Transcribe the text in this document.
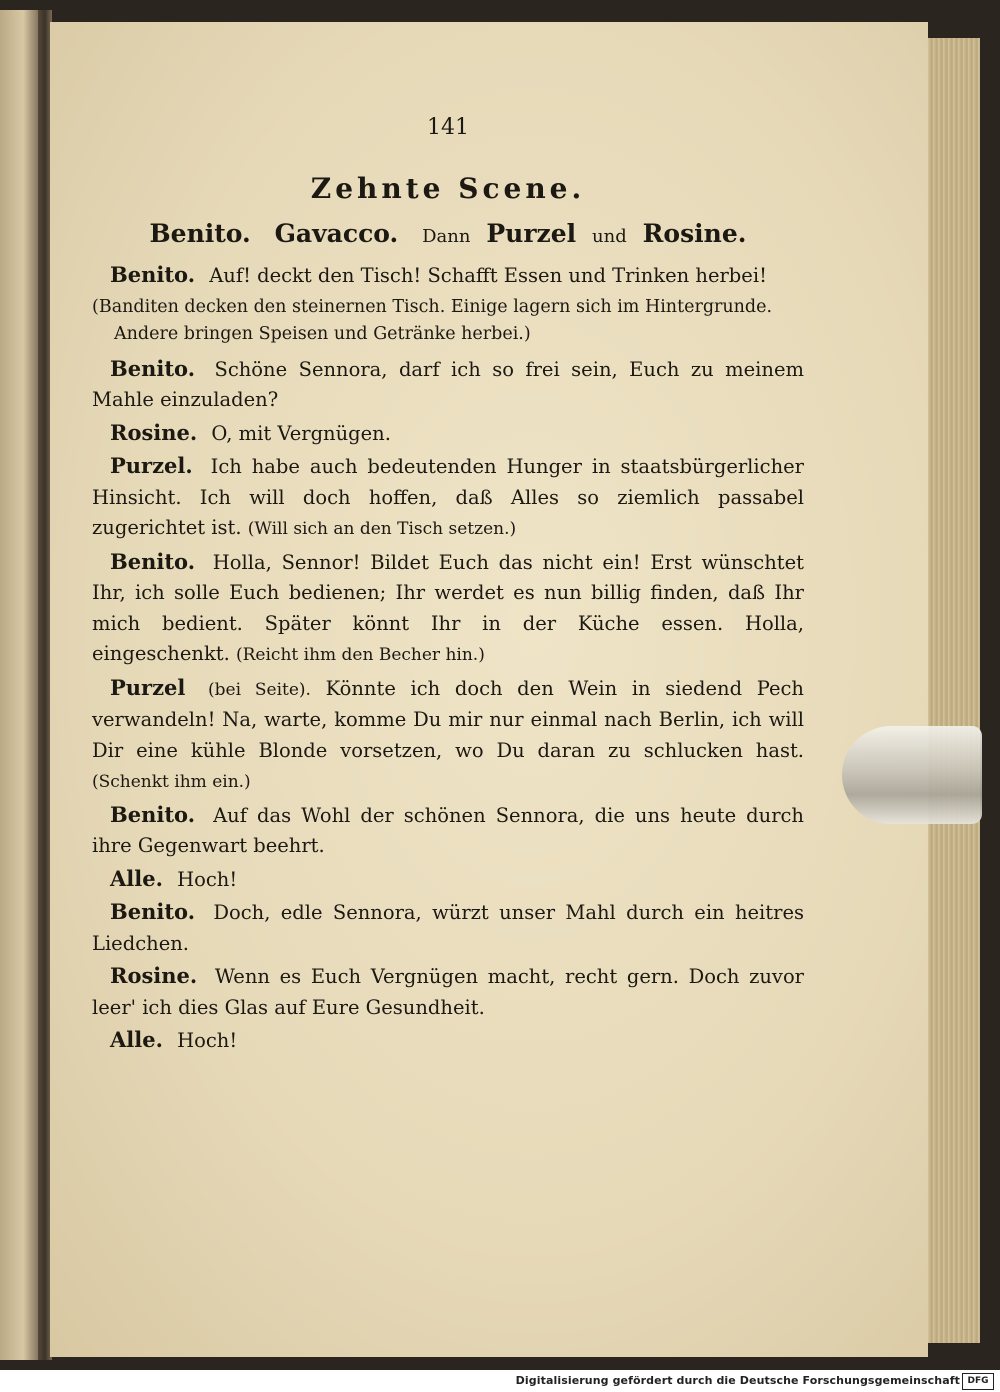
141
Zehnte Scene.
Benito. Gavacco. Dann Purzel und Rosine.

Benito. Auf! deckt den Tisch! Schafft Essen und Trinken herbei!

(Banditen decken den steinernen Tisch. Einige lagern sich im Hintergrunde. Andere bringen Speisen und Getränke herbei.)

Benito. Schöne Sennora, darf ich so frei sein, Euch zu meinem Mahle einzuladen?

Rosine. O, mit Vergnügen.

Purzel. Ich habe auch bedeutenden Hunger in staatsbürgerlicher Hinsicht. Ich will doch hoffen, daß Alles so ziemlich passabel zugerichtet ist. (Will sich an den Tisch setzen.)

Benito. Holla, Sennor! Bildet Euch das nicht ein! Erst wünschtet Ihr, ich solle Euch bedienen; Ihr werdet es nun billig finden, daß Ihr mich bedient. Später könnt Ihr in der Küche essen. Holla, eingeschenkt. (Reicht ihm den Becher hin.)

Purzel (bei Seite). Könnte ich doch den Wein in siedend Pech verwandeln! Na, warte, komme Du mir nur einmal nach Berlin, ich will Dir eine kühle Blonde vorsetzen, wo Du daran zu schlucken hast. (Schenkt ihm ein.)

Benito. Auf das Wohl der schönen Sennora, die uns heute durch ihre Gegenwart beehrt.

Alle. Hoch!

Benito. Doch, edle Sennora, würzt unser Mahl durch ein heitres Liedchen.

Rosine. Wenn es Euch Vergnügen macht, recht gern. Doch zuvor leer' ich dies Glas auf Eure Gesundheit.

Alle. Hoch!

Digitalisierung gefördert durch die Deutsche Forschungsgemeinschaft DFG
